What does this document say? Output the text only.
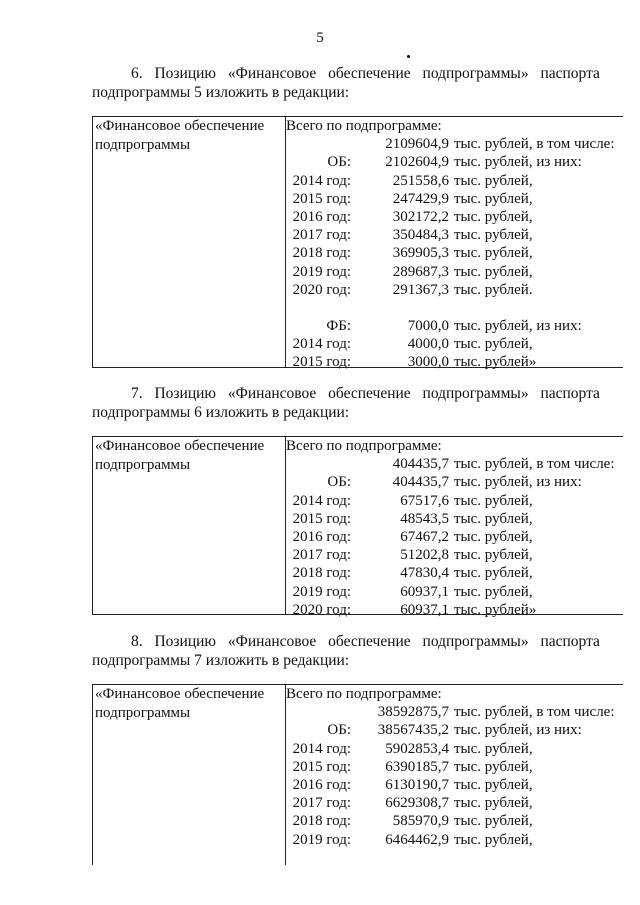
5
6. Позицию «Финансовое обеспечение подпрограммы» паспорта
подпрограммы 5 изложить в редакции:
«Финансовое обеспечение
подпрограммы
Всего по подпрограмме:
2109604,9 тыс. рублей, в том числе:
ОБ: 2102604,9 тыс. рублей, из них:
2014 год:	251558,6 тыс. рублей,
2015 год:	247429,9 тыс. рублей,
2016 год:	302172,2 тыс. рублей,
2017 год:	350484,3 тыс. рублей,
2018 год:	369905,3 тыс. рублей,
2019 год:	289687,3 тыс. рублей,
2020 год:	291367,3 тыс. рублей.
ФБ:	7000,0 тыс. рублей, из них:
2014 год:	4000,0 тыс. рублей,
2015 год:	3000,0 тыс. рублей»
7. Позицию «Финансовое обеспечение подпрограммы» паспорта
подпрограммы 6 изложить в редакции:
«Финансовое обеспечение
подпрограммы
Всего по подпрограмме:
404435,7 тыс. рублей, в том числе:
ОБ:	404435,7 тыс. рублей, из них:
2014 год:	67517,6 тыс. рублей,
2015 год:	48543,5 тыс. рублей,
2016 год:	67467,2 тыс. рублей,
2017 год:	51202,8 тыс. рублей,
2018 год:	47830,4 тыс. рублей,
2019 год:	60937,1 тыс. рублей,
2020 год:	60937,1 тыс. рублей»
8. Позицию «Финансовое обеспечение подпрограммы» паспорта
подпрограммы 7 изложить в редакции:
«Финансовое обеспечение
подпрограммы
Всего по подпрограмме:
38592875,7 тыс. рублей, в том числе:
ОБ: 38567435,2 тыс. рублей, из них:
2014 год: 5902853,4 тыс. рублей,
2015 год: 6390185,7 тыс. рублей,
2016 год: 6130190,7 тыс. рублей,
2017 год: 6629308,7 тыс. рублей,
2018 год:	585970,9 тыс. рублей,
2019 год: 6464462,9 тыс. рублей,
